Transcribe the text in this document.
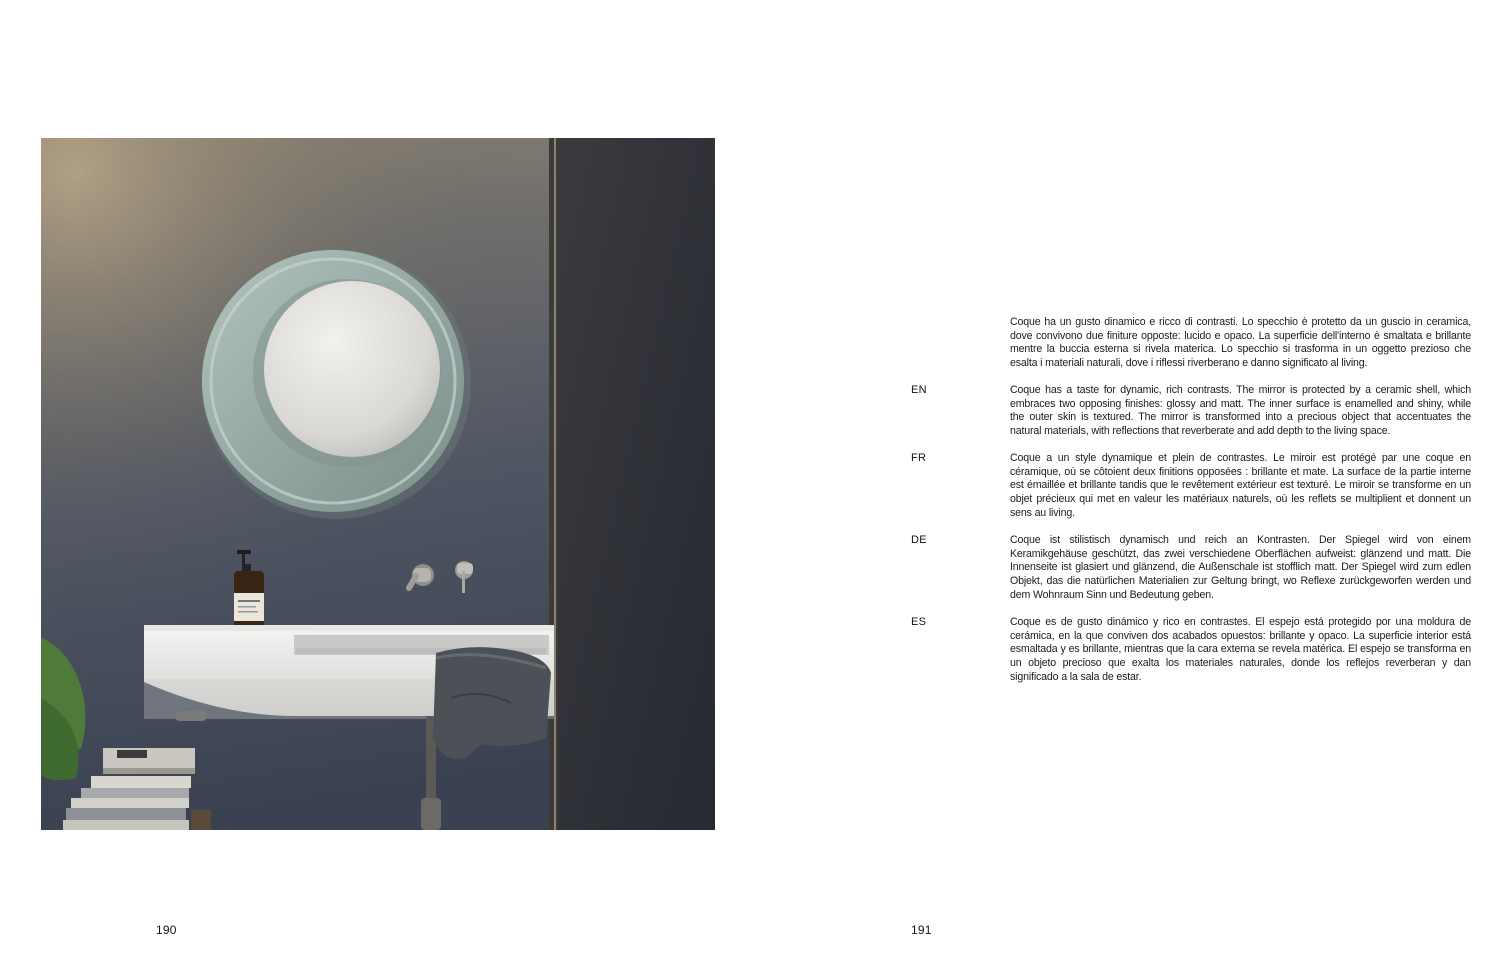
Coque ha un gusto dinamico e ricco di contrasti. Lo specchio è protetto da un guscio in ceramica, dove convivono due finiture opposte: lucido e opaco. La superficie dell'interno è smaltata e brillante mentre la buccia esterna si rivela materica. Lo specchio si trasforma in un oggetto prezioso che esalta i materiali naturali, dove i riflessi riverberano e danno significato al living.
EN	Coque has a taste for dynamic, rich contrasts. The mirror is protected by a ceramic shell, which embraces two opposing finishes: glossy and matt. The inner surface is enamelled and shiny, while the outer skin is textured. The mirror is transformed into a precious object that accentuates the natural materials, with reflections that reverberate and add depth to the living space.
FR	Coque a un style dynamique et plein de contrastes. Le miroir est protégé par une coque en céramique, où se côtoient deux finitions opposées : brillante et mate. La surface de la partie interne est émaillée et brillante tandis que le revêtement extérieur est texturé. Le miroir se transforme en un objet précieux qui met en valeur les matériaux naturels, où les reflets se multiplient et donnent un sens au living.
DE	Coque ist stilistisch dynamisch und reich an Kontrasten. Der Spiegel wird von einem Keramikgehäuse geschützt, das zwei verschiedene Oberflächen aufweist: glänzend und matt. Die Innenseite ist glasiert und glänzend, die Außenschale ist stofflich matt. Der Spiegel wird zum edlen Objekt, das die natürlichen Materialien zur Geltung bringt, wo Reflexe zurückgeworfen werden und dem Wohnraum Sinn und Bedeutung geben.
ES	Coque es de gusto dinámico y rico en contrastes. El espejo está protegido por una moldura de cerámica, en la que conviven dos acabados opuestos: brillante y opaco. La superficie interior está esmaltada y es brillante, mientras que la cara externa se revela matérica. El espejo se transforma en un objeto precioso que exalta los materiales naturales, donde los reflejos reverberan y dan significado a la sala de estar.
190	191
